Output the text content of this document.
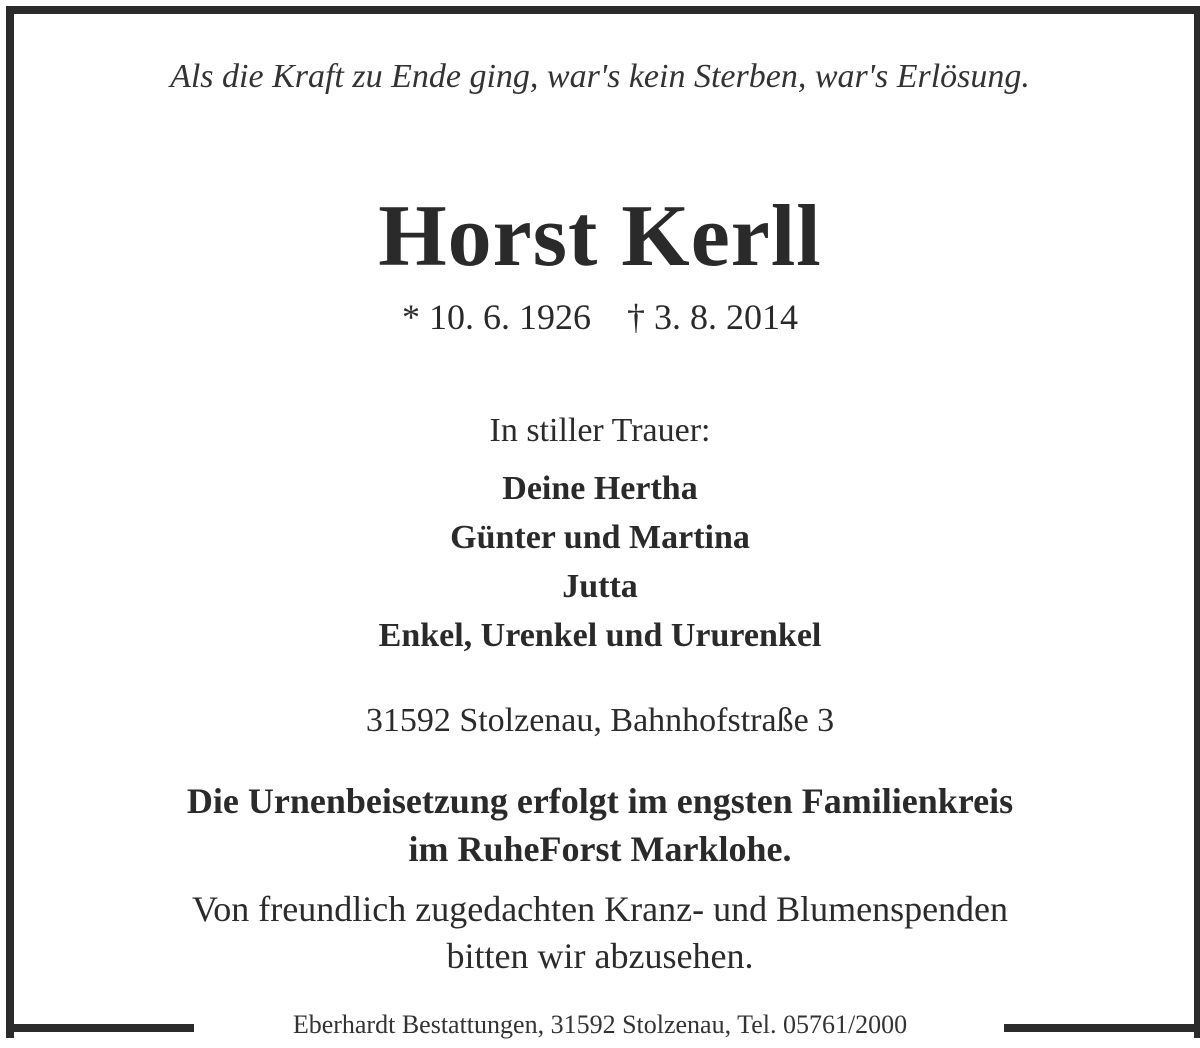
Als die Kraft zu Ende ging, war's kein Sterben, war's Erlösung.
Horst Kerll
* 10. 6. 1926 † 3. 8. 2014
In stiller Trauer:
Deine Hertha
Günter und Martina
Jutta
Enkel, Urenkel und Ururenkel
31592 Stolzenau, Bahnhofstraße 3
Die Urnenbeisetzung erfolgt im engsten Familienkreis
im RuheForst Marklohe.
Von freundlich zugedachten Kranz- und Blumenspenden
bitten wir abzusehen.
Eberhardt Bestattungen, 31592 Stolzenau, Tel. 05761/2000
